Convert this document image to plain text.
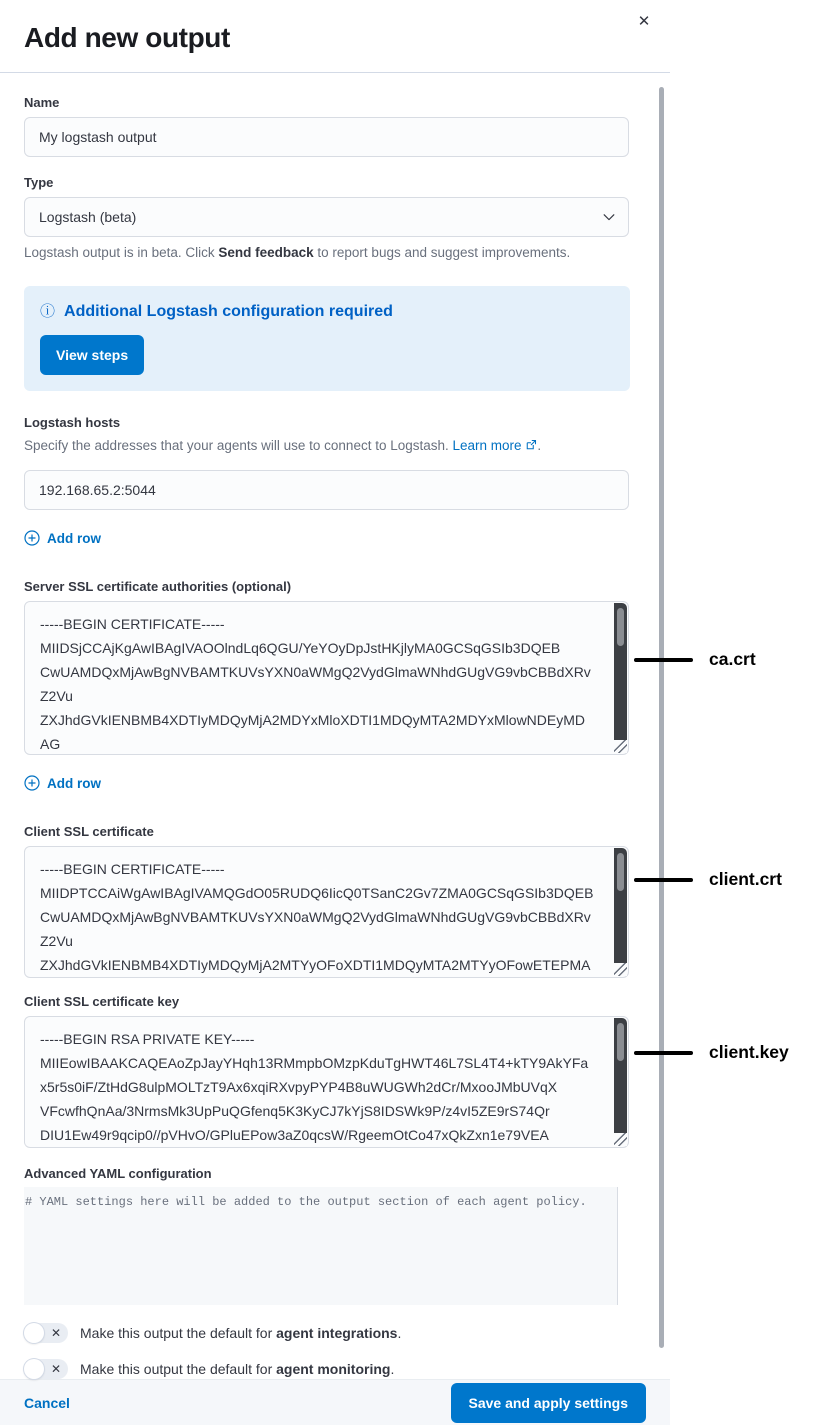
Add new output
✕
Name
My logstash output
Type
Logstash (beta)
Logstash output is in beta. Click Send feedback to report bugs and suggest improvements.
ⓘ Additional Logstash configuration required
View steps
Logstash hosts
Specify the addresses that your agents will use to connect to Logstash. Learn more .
192.168.65.2:5044
Add row
Server SSL certificate authorities (optional)
-----BEGIN CERTIFICATE----- MIIDSjCCAjKgAwIBAgIVAOOlndLq6QGU/YeYOyDpJstHKjlyMA0GCSqGSIb3DQEB CwUAMDQxMjAwBgNVBAMTKUVsYXN0aWMgQ2VydGlmaWNhdGUgVG9vbCBBdXRv Z2Vu ZXJhdGVkIENBMB4XDTIyMDQyMjA2MDYxMloXDTI1MDQyMTA2MDYxMlowNDEyMD AG A1UEAxMpRWxhc3RpYyBDZXJ0aWZpY2F0ZSBUb29sIEF1dG9nZW5lcmF0ZWQgQ0E
Add row
Client SSL certificate
-----BEGIN CERTIFICATE----- MIIDPTCCAiWgAwIBAgIVAMQGdO05RUDQ6IicQ0TSanC2Gv7ZMA0GCSqGSIb3DQEB CwUAMDQxMjAwBgNVBAMTKUVsYXN0aWMgQ2VydGlmaWNhdGUgVG9vbCBBdXRv Z2Vu ZXJhdGVkIENBMB4XDTIyMDQyMjA2MTYyOFoXDTI1MDQyMTA2MTYyOFowETEPMA 0G
Client SSL certificate key
-----BEGIN RSA PRIVATE KEY----- MIIEowIBAAKCAQEAoZpJayYHqh13RMmpbOMzpKduTgHWT46L7SL4T4+kTY9AkYFa x5r5s0iF/ZtHdG8ulpMOLTzT9Ax6xqiRXvpyPYP4B8uWUGWh2dCr/MxooJMbUVqX VFcwfhQnAa/3NrmsMk3UpPuQGfenq5K3KyCJ7kYjS8IDSWk9P/z4vI5ZE9rS74Qr DIU1Ew49r9qcip0//pVHvO/GPluEPow3aZ0qcsW/RgeemOtCo47xQkZxn1e79VEA UVYzGHoknKMvaneJii2he2aiwQI4OG7InGvlWEzDt/jOODxD25m92SiWigocXYDd
Advanced YAML configuration
# YAML settings here will be added to the output section of each agent policy.
✕ Make this output the default for agent integrations.
✕ Make this output the default for agent monitoring.
Cancel	Save and apply settings
ca.crt
client.crt
client.key
